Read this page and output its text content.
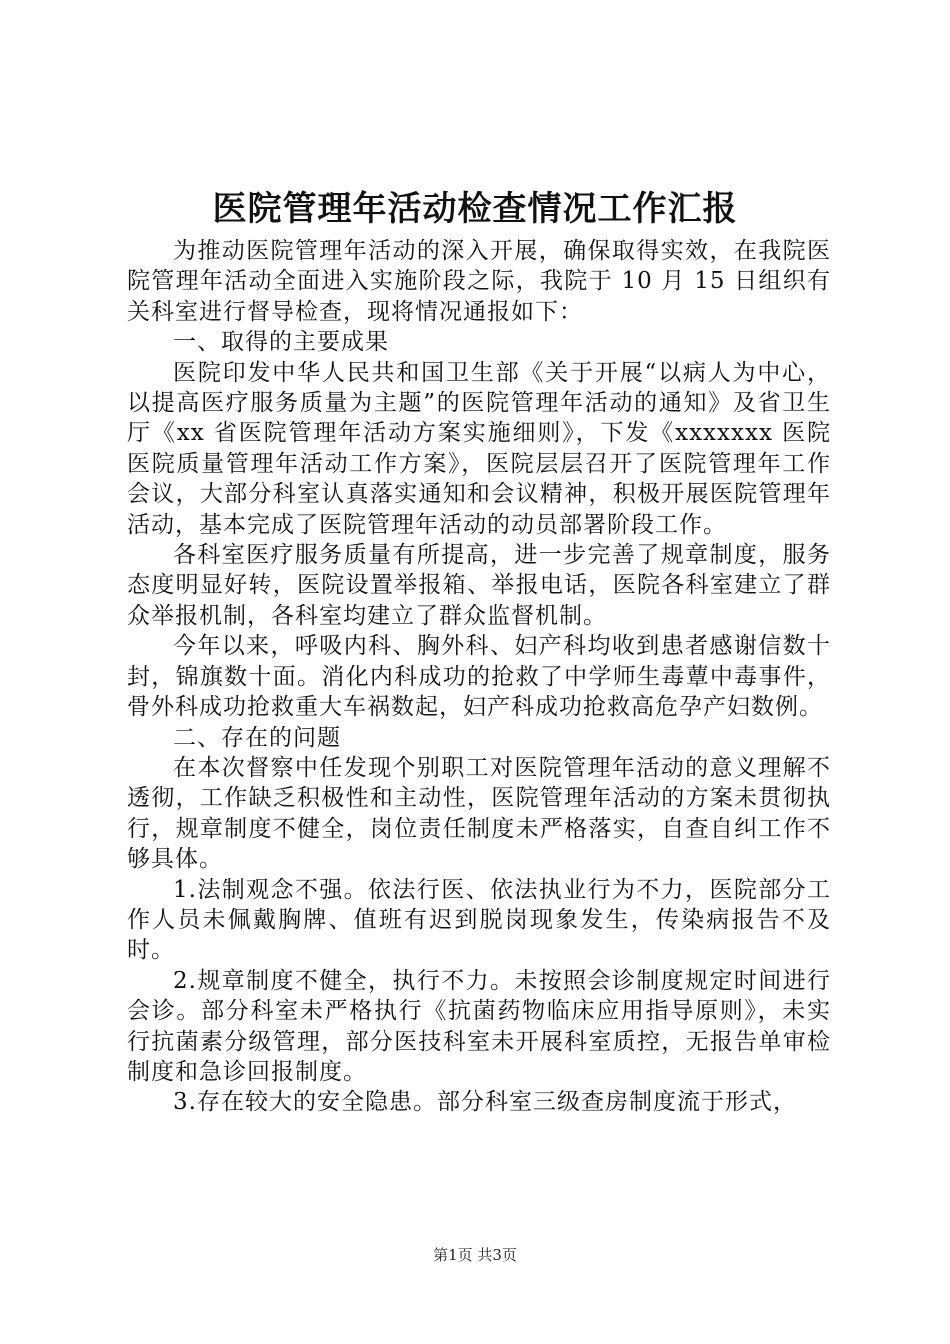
医院管理年活动检查情况工作汇报

为推动医院管理年活动的深入开展，确保取得实效，在我院医院管理年活动全面进入实施阶段之际，我院于 10 月 15 日组织有关科室进行督导检查，现将情况通报如下：

一、取得的主要成果

医院印发中华人民共和国卫生部《关于开展“以病人为中心，以提高医疗服务质量为主题”的医院管理年活动的通知》及省卫生厅《xx 省医院管理年活动方案实施细则》，下发《xxxxxxx 医院医院质量管理年活动工作方案》，医院层层召开了医院管理年工作会议，大部分科室认真落实通知和会议精神，积极开展医院管理年活动，基本完成了医院管理年活动的动员部署阶段工作。

各科室医疗服务质量有所提高，进一步完善了规章制度，服务态度明显好转，医院设置举报箱、举报电话，医院各科室建立了群众举报机制，各科室均建立了群众监督机制。

今年以来，呼吸内科、胸外科、妇产科均收到患者感谢信数十封，锦旗数十面。消化内科成功的抢救了中学师生毒蕈中毒事件，骨外科成功抢救重大车祸数起，妇产科成功抢救高危孕产妇数例。

二、存在的问题

在本次督察中任发现个别职工对医院管理年活动的意义理解不透彻，工作缺乏积极性和主动性，医院管理年活动的方案未贯彻执行，规章制度不健全，岗位责任制度未严格落实，自查自纠工作不够具体。

1.法制观念不强。依法行医、依法执业行为不力，医院部分工作人员未佩戴胸牌、值班有迟到脱岗现象发生，传染病报告不及时。

2.规章制度不健全，执行不力。未按照会诊制度规定时间进行会诊。部分科室未严格执行《抗菌药物临床应用指导原则》，未实行抗菌素分级管理，部分医技科室未开展科室质控，无报告单审检制度和急诊回报制度。

3.存在较大的安全隐患。部分科室三级查房制度流于形式，

第1页 共3页
